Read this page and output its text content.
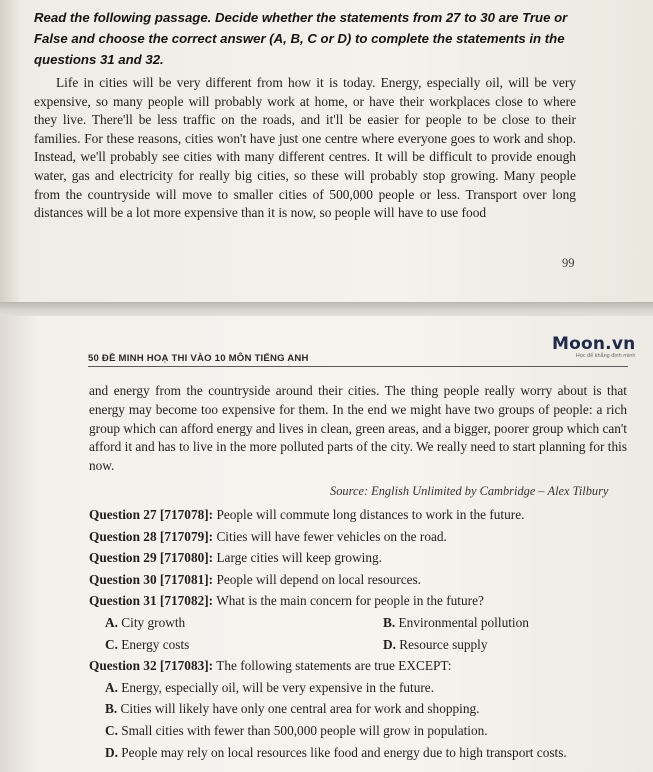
Read the following passage. Decide whether the statements from 27 to 30 are True or False and choose the correct answer (A, B, C or D) to complete the statements in the questions 31 and 32.

Life in cities will be very different from how it is today. Energy, especially oil, will be very expensive, so many people will probably work at home, or have their workplaces close to where they live. There'll be less traffic on the roads, and it'll be easier for people to be close to their families. For these reasons, cities won't have just one centre where everyone goes to work and shop. Instead, we'll probably see cities with many different centres. It will be difficult to provide enough water, gas and electricity for really big cities, so these will probably stop growing. Many people from the countryside will move to smaller cities of 500,000 people or less. Transport over long distances will be a lot more expensive than it is now, so people will have to use food

99
50 ĐỀ MINH HOẠ THI VÀO 10 MÔN TIẾNG ANH
Moon.vn
Học để khẳng định mình

and energy from the countryside around their cities. The thing people really worry about is that energy may become too expensive for them. In the end we might have two groups of people: a rich group which can afford energy and lives in clean, green areas, and a bigger, poorer group which can't afford it and has to live in the more polluted parts of the city. We really need to start planning for this now.

Source: English Unlimited by Cambridge – Alex Tilbury
Question 27 [717078]: People will commute long distances to work in the future.
Question 28 [717079]: Cities will have fewer vehicles on the road.
Question 29 [717080]: Large cities will keep growing.
Question 30 [717081]: People will depend on local resources.
Question 31 [717082]: What is the main concern for people in the future?
A. City growth	B. Environmental pollution
C. Energy costs	D. Resource supply
Question 32 [717083]: The following statements are true EXCEPT:
A. Energy, especially oil, will be very expensive in the future.
B. Cities will likely have only one central area for work and shopping.
C. Small cities with fewer than 500,000 people will grow in population.
D. People may rely on local resources like food and energy due to high transport costs.
